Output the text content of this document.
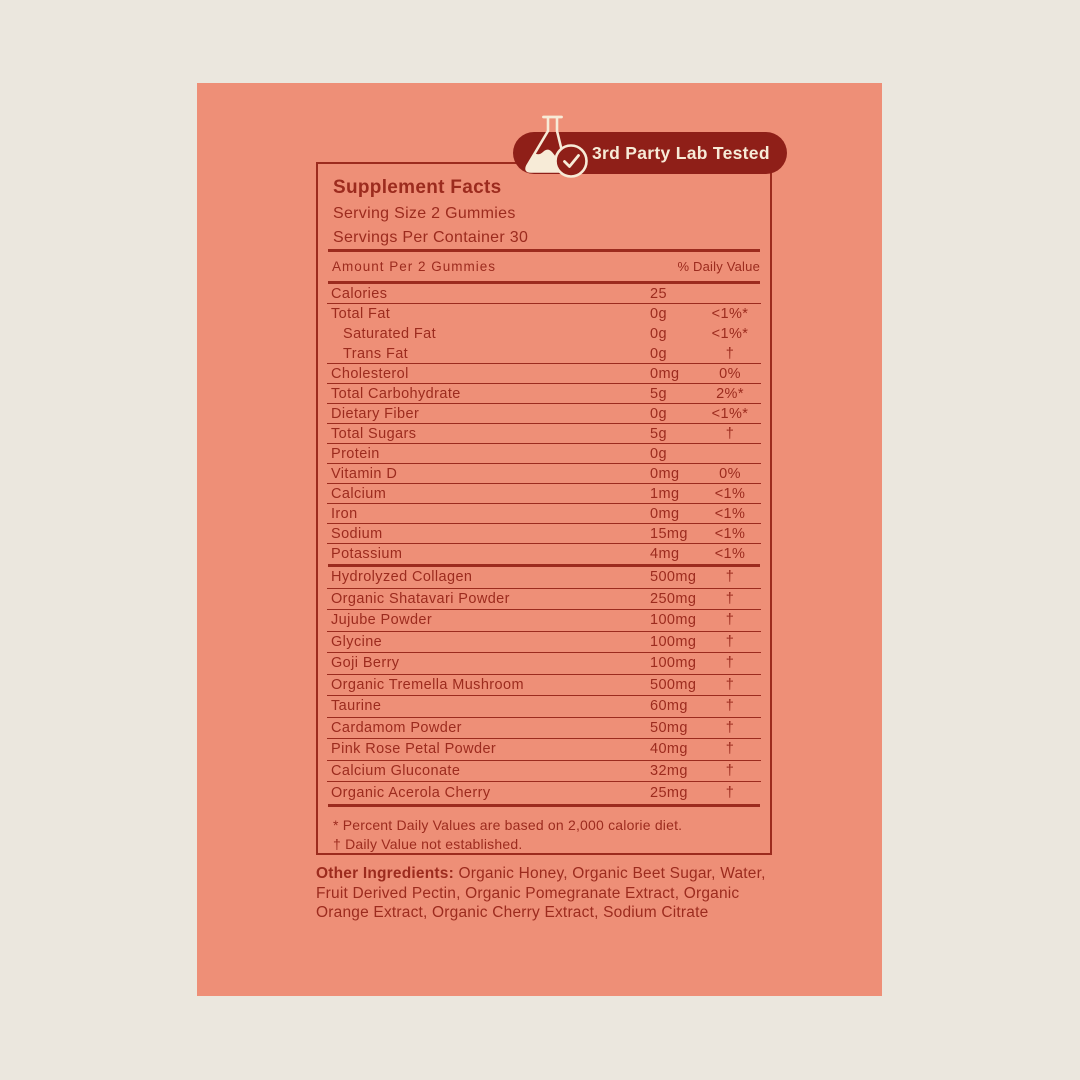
3rd Party Lab Tested
Supplement Facts
Serving Size 2 Gummies
Servings Per Container 30
Amount Per 2 Gummies	% Daily Value
Calories	25
Total Fat	0g	<1%*
Saturated Fat	0g	<1%*
Trans Fat	0g	†
Cholesterol	0mg	0%
Total Carbohydrate	5g	2%*
Dietary Fiber	0g	<1%*
Total Sugars	5g	†
Protein	0g
Vitamin D	0mg	0%
Calcium	1mg	<1%
Iron	0mg	<1%
Sodium	15mg	<1%
Potassium	4mg	<1%
Hydrolyzed Collagen	500mg	†
Organic Shatavari Powder	250mg	†
Jujube Powder	100mg	†
Glycine	100mg	†
Goji Berry	100mg	†
Organic Tremella Mushroom	500mg	†
Taurine	60mg	†
Cardamom Powder	50mg	†
Pink Rose Petal Powder	40mg	†
Calcium Gluconate	32mg	†
Organic Acerola Cherry	25mg	†
* Percent Daily Values are based on 2,000 calorie diet.
† Daily Value not established.

Other Ingredients: Organic Honey, Organic Beet Sugar, Water, Fruit Derived Pectin, Organic Pomegranate Extract, Organic Orange Extract, Organic Cherry Extract, Sodium Citrate
